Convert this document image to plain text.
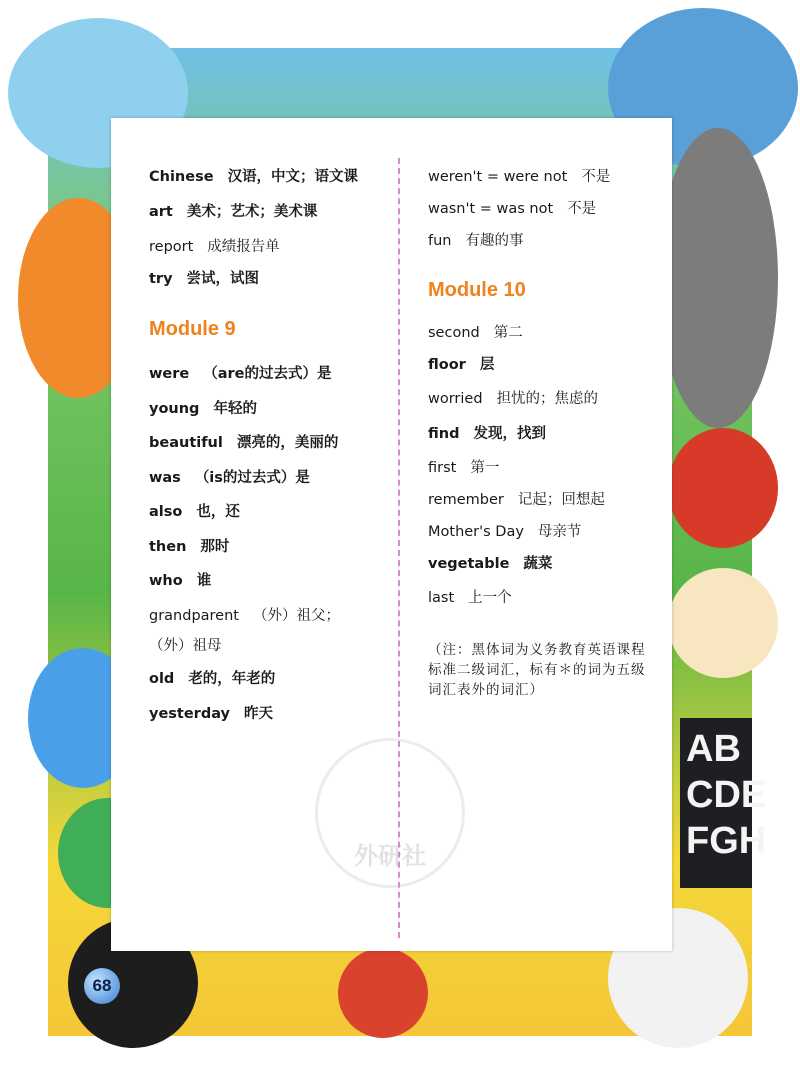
AB
CDE
FGH
Chinese 汉语，中文；语文课
art 美术；艺术；美术课
report 成绩报告单
try 尝试，试图
Module 9
were （are的过去式）是
young 年轻的
beautiful 漂亮的，美丽的
was （is的过去式）是
also 也，还
then 那时
who 谁
grandparent （外）祖父；
（外）祖母
old 老的，年老的
yesterday 昨天
weren't = were not 不是
wasn't = was not 不是
fun 有趣的事
Module 10
second 第二
floor 层
worried 担忧的；焦虑的
find 发现，找到
first 第一
remember 记起；回想起
Mother's Day 母亲节
vegetable 蔬菜
last 上一个
（注：黑体词为义务教育英语课程标准二级词汇，标有＊的词为五级词汇表外的词汇）
外研社
68
